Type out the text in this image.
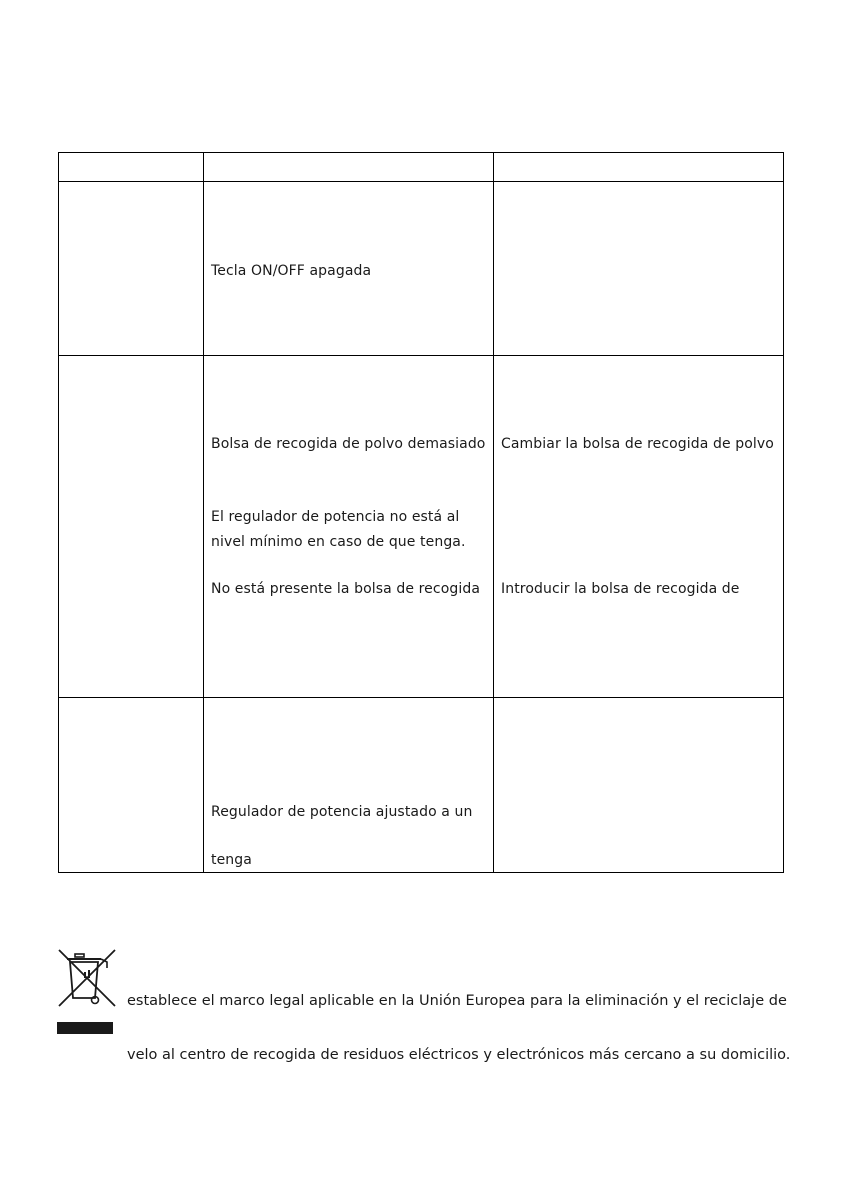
Tecla ON/OFF apagada
Bolsa de recogida de polvo demasiado Cambiar la bolsa de recogida de polvo
El regulador de potencia no está al
nivel mínimo en caso de que tenga.
No está presente la bolsa de recogida Introducir la bolsa de recogida de
Regulador de potencia ajustado a un
tenga
establece el marco legal aplicable en la Unión Europea para la eliminación y el reciclaje de
velo al centro de recogida de residuos eléctricos y electrónicos más cercano a su domicilio.
